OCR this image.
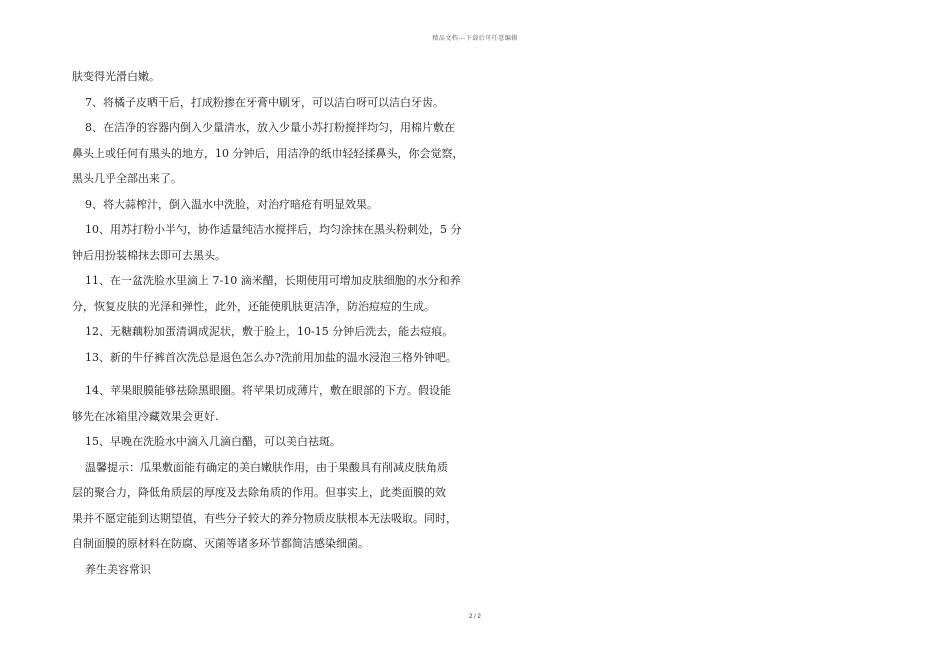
精品文档---下载后可任意编辑
肤变得光滑白嫩。
7、将橘子皮晒干后，打成粉掺在牙膏中刷牙，可以洁白呀可以洁白牙齿。
8、在洁净的容器内倒入少量清水，放入少量小苏打粉搅拌均匀，用棉片敷在
鼻头上或任何有黑头的地方，10 分钟后，用洁净的纸巾轻轻揉鼻头，你会觉察，
黑头几乎全部出来了。
9、将大蒜榨汁，倒入温水中洗脸，对治疗暗疮有明显效果。
10、用苏打粉小半勺，协作适量纯洁水搅拌后，均匀涂抹在黑头粉刺处，5 分
钟后用扮装棉抹去即可去黑头。
11、在一盆洗脸水里滴上 7-10 滴米醋，长期使用可增加皮肤细胞的水分和养
分，恢复皮肤的光泽和弹性，此外，还能使肌肤更洁净，防治痘痘的生成。
12、无糖藕粉加蛋清调成泥状，敷于脸上，10-15 分钟后洗去，能去痘痕。
13、新的牛仔裤首次洗总是退色怎么办?洗前用加盐的温水浸泡三格外钟吧。
14、苹果眼膜能够祛除黑眼圈。将苹果切成薄片，敷在眼部的下方。假设能
够先在冰箱里冷藏效果会更好.
15、早晚在洗脸水中滴入几滴白醋，可以美白祛斑。
温馨提示：瓜果敷面能有确定的美白嫩肤作用，由于果酸具有削减皮肤角质
层的聚合力，降低角质层的厚度及去除角质的作用。但事实上，此类面膜的效
果并不愿定能到达期望值，有些分子较大的养分物质皮肤根本无法吸取。同时，
自制面膜的原材料在防腐、灭菌等诸多环节都简洁感染细菌。
养生美容常识
2 / 2
